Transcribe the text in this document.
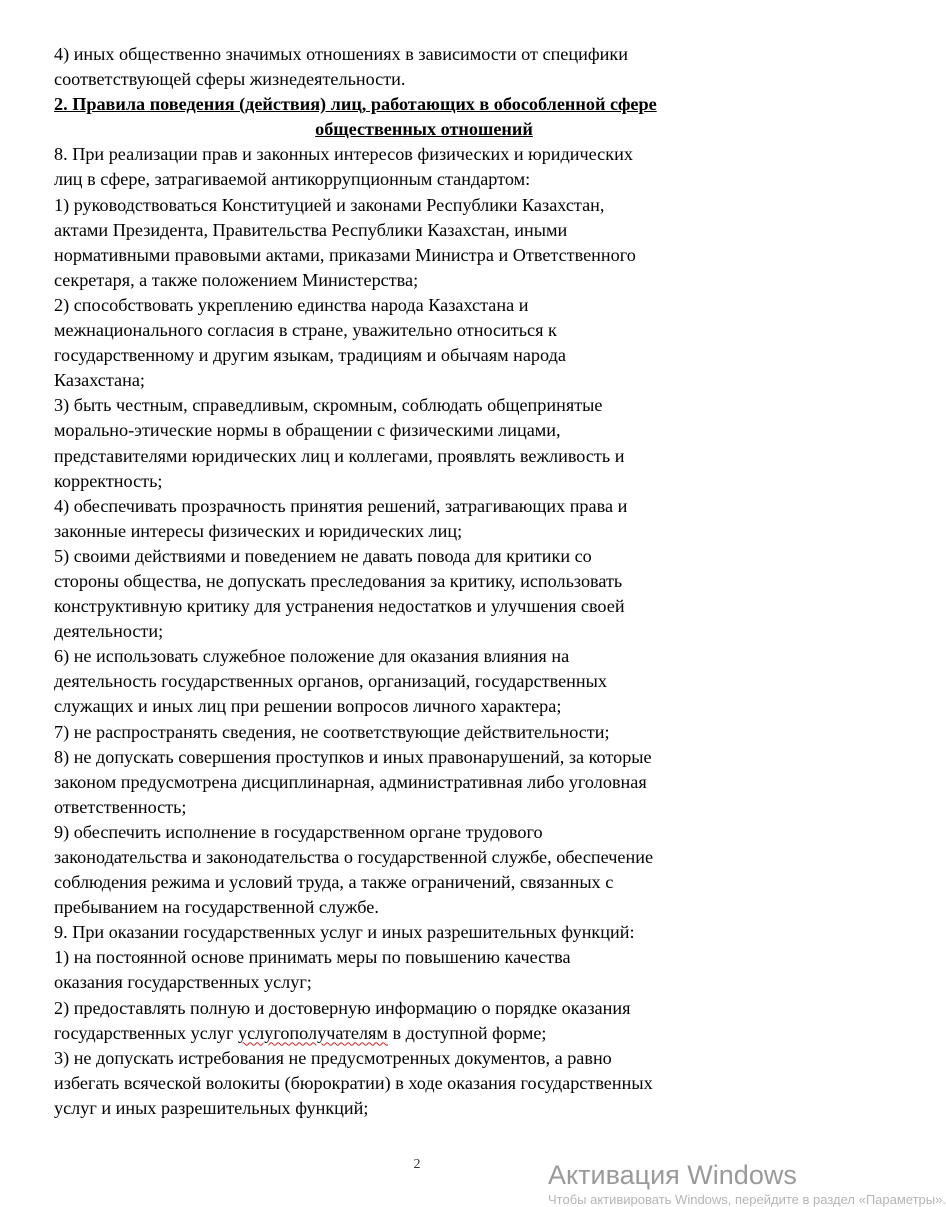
4) иных общественно значимых отношениях в зависимости от специфики
соответствующей сферы жизнедеятельности.
2. Правила поведения (действия) лиц, работающих в обособленной сфере
общественных отношений
8. При реализации прав и законных интересов физических и юридических
лиц в сфере, затрагиваемой антикоррупционным стандартом:
1) руководствоваться Конституцией и законами Республики Казахстан,
актами Президента, Правительства Республики Казахстан, иными
нормативными правовыми актами, приказами Министра и Ответственного
секретаря, а также положением Министерства;
2) способствовать укреплению единства народа Казахстана и
межнационального согласия в стране, уважительно относиться к
государственному и другим языкам, традициям и обычаям народа
Казахстана;
3) быть честным, справедливым, скромным, соблюдать общепринятые
морально-этические нормы в обращении с физическими лицами,
представителями юридических лиц и коллегами, проявлять вежливость и
корректность;
4) обеспечивать прозрачность принятия решений, затрагивающих права и
законные интересы физических и юридических лиц;
5) своими действиями и поведением не давать повода для критики со
стороны общества, не допускать преследования за критику, использовать
конструктивную критику для устранения недостатков и улучшения своей
деятельности;
6) не использовать служебное положение для оказания влияния на
деятельность государственных органов, организаций, государственных
служащих и иных лиц при решении вопросов личного характера;
7) не распространять сведения, не соответствующие действительности;
8) не допускать совершения проступков и иных правонарушений, за которые
законом предусмотрена дисциплинарная, административная либо уголовная
ответственность;
9) обеспечить исполнение в государственном органе трудового
законодательства и законодательства о государственной службе, обеспечение
соблюдения режима и условий труда, а также ограничений, связанных с
пребыванием на государственной службе.
9. При оказании государственных услуг и иных разрешительных функций:
1) на постоянной основе принимать меры по повышению качества
оказания государственных услуг;
2) предоставлять полную и достоверную информацию о порядке оказания
государственных услуг услугополучателям в доступной форме;
3) не допускать истребования не предусмотренных документов, а равно
избегать всяческой волокиты (бюрократии) в ходе оказания государственных
услуг и иных разрешительных функций;
2	Активация Windows
Чтобы активировать Windows, перейдите в раздел «Параметры».
